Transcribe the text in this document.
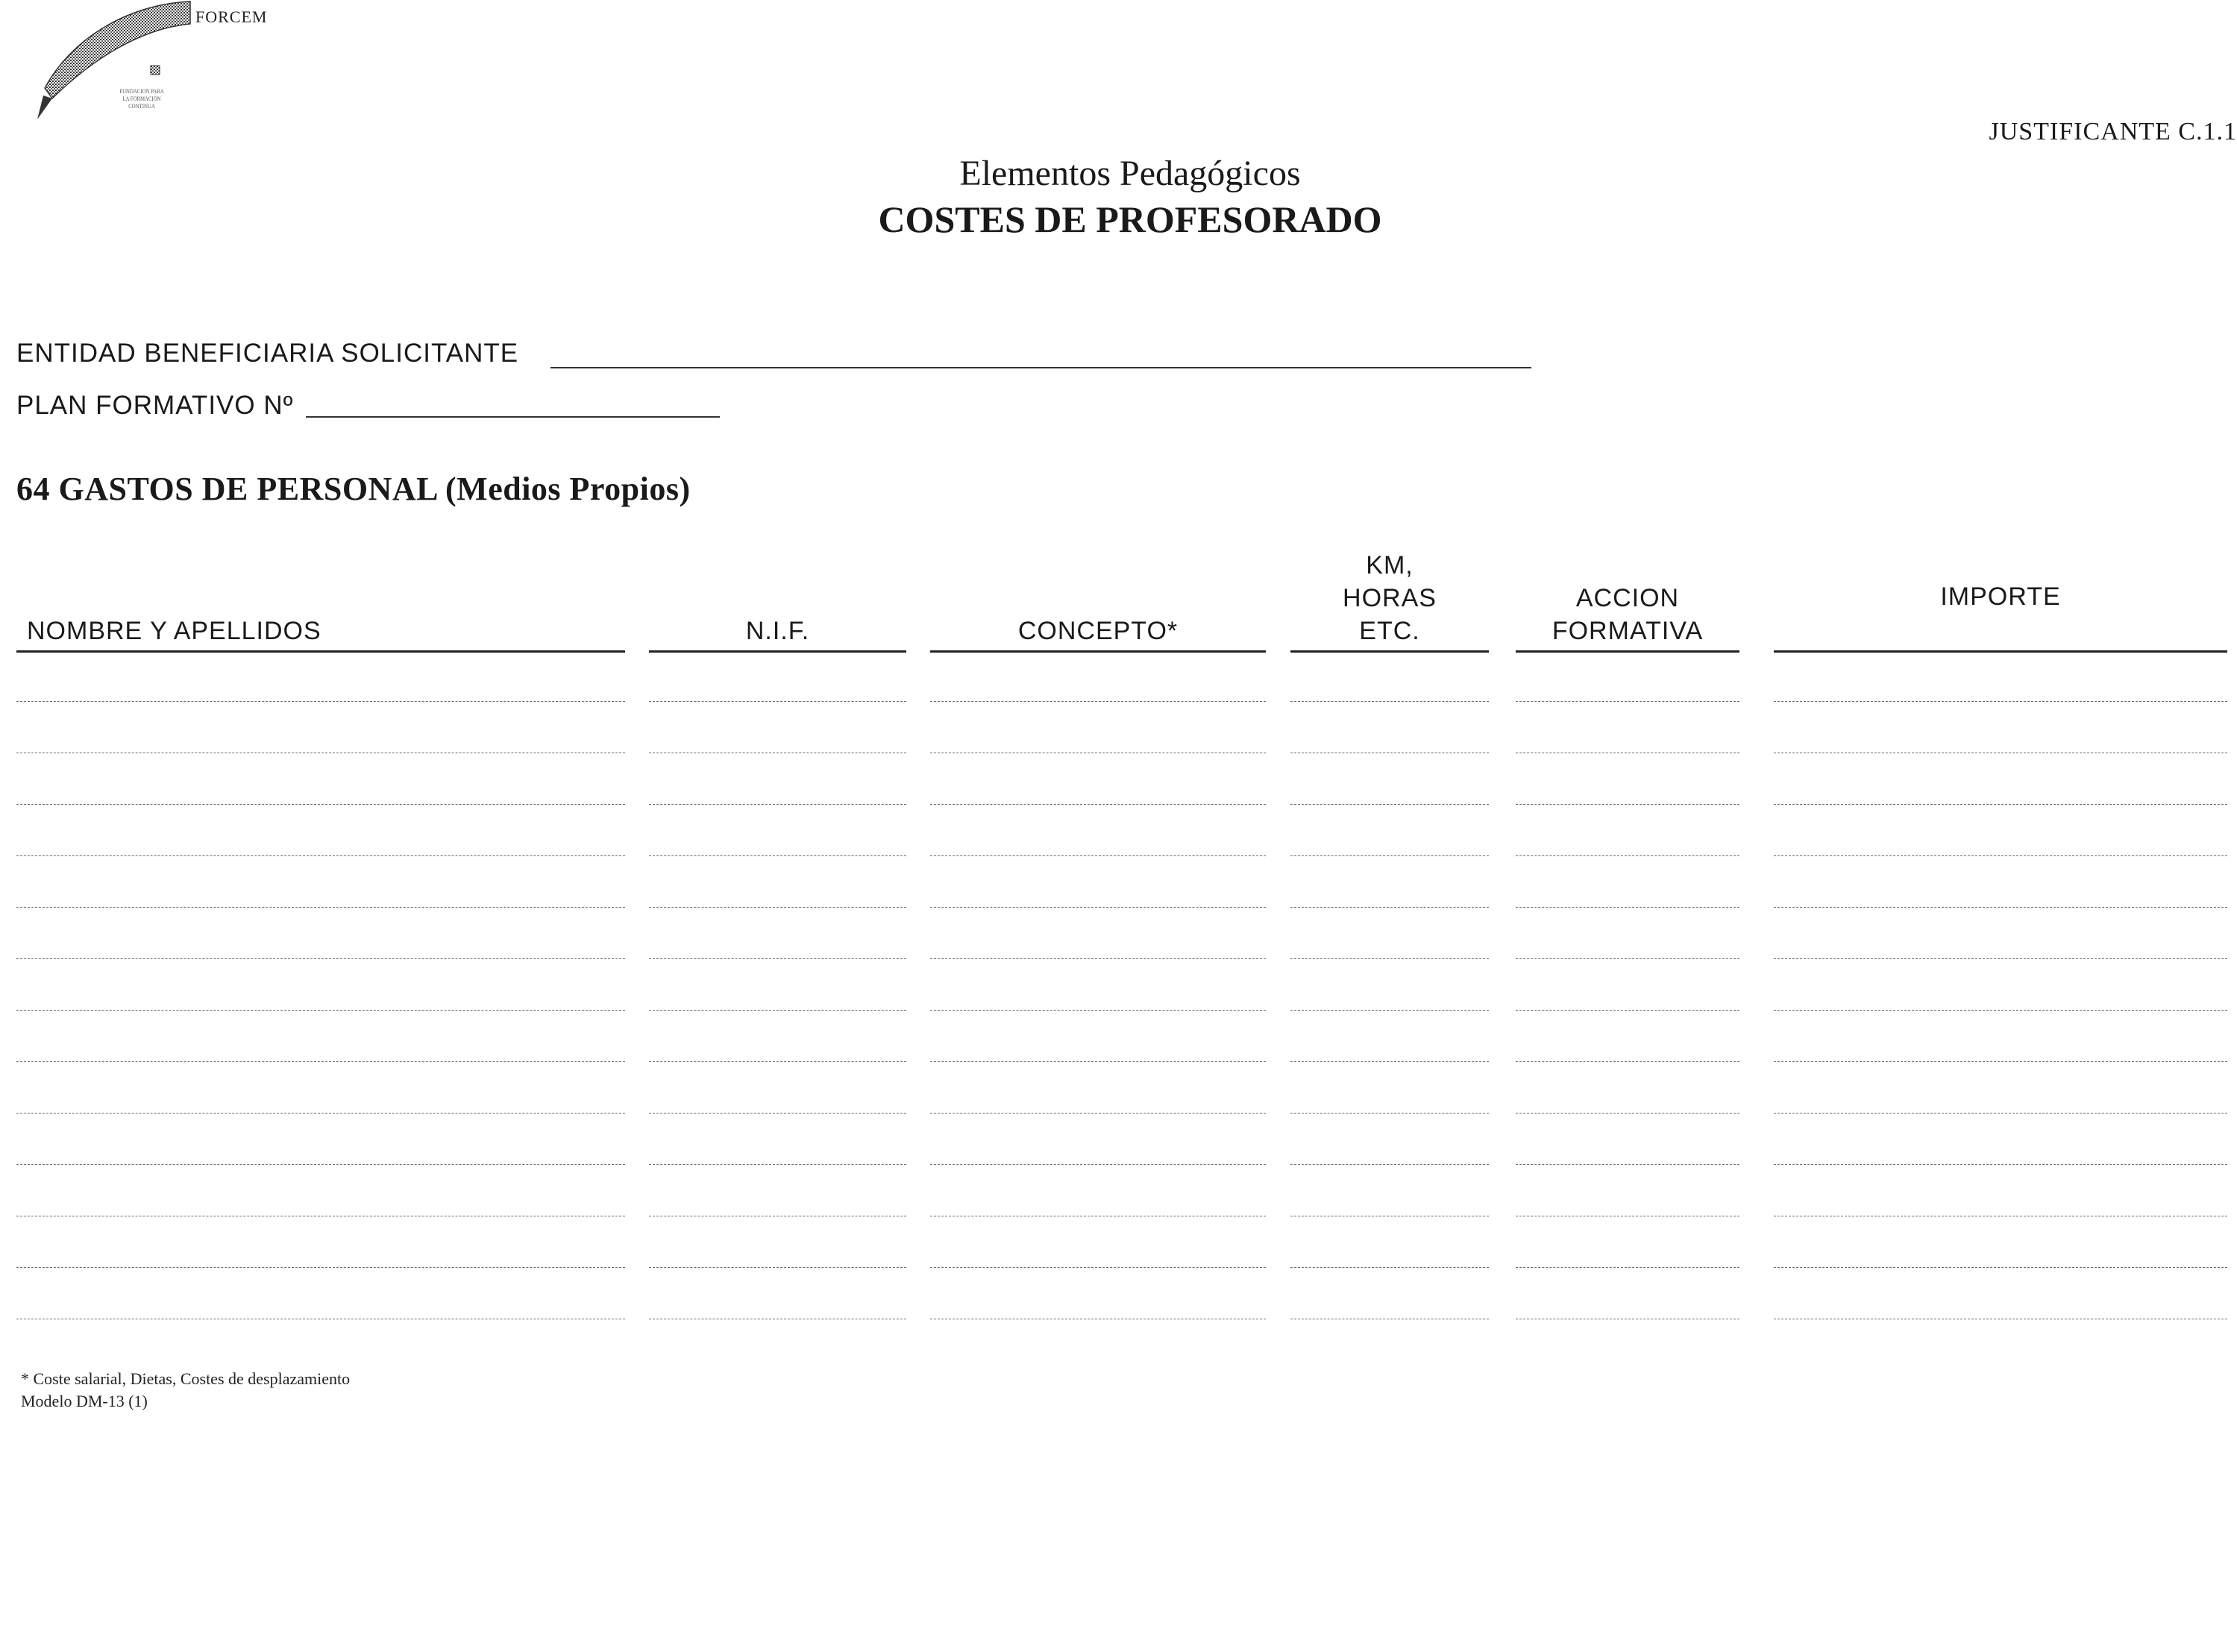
FORCEM
FUNDACION PARA LA FORMACION CONTINUA
JUSTIFICANTE C.1.1
Elementos Pedagógicos
COSTES DE PROFESORADO
ENTIDAD BENEFICIARIA SOLICITANTE
PLAN FORMATIVO Nº
64 GASTOS DE PERSONAL (Medios Propios)
NOMBRE Y APELLIDOS	N.I.F.	CONCEPTO*
KM,
HORAS
ETC.
ACCION
FORMATIVA
IMPORTE
* Coste salarial, Dietas, Costes de desplazamiento
Modelo DM-13 (1)
